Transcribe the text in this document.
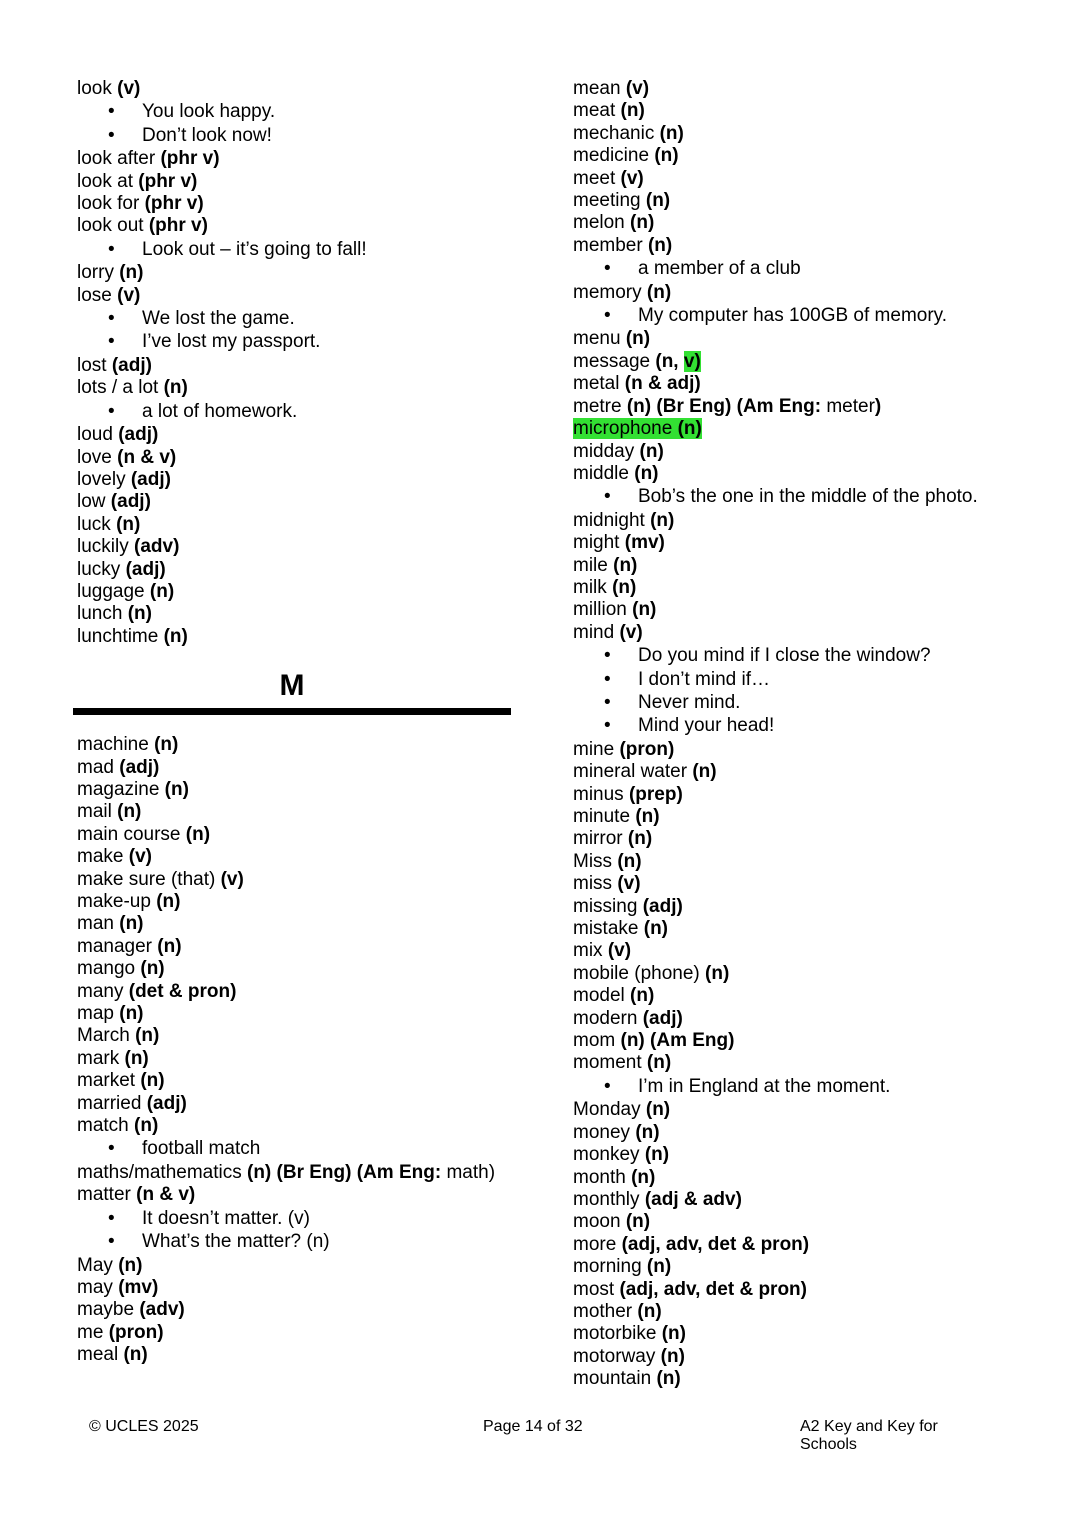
look (v)
• You look happy.
• Don’t look now!
look after (phr v)
look at (phr v)
look for (phr v)
look out (phr v)
• Look out – it’s going to fall!
lorry (n)
lose (v)
• We lost the game.
• I’ve lost my passport.
lost (adj)
lots / a lot (n)
• a lot of homework.
loud (adj)
love (n & v)
lovely (adj)
low (adj)
luck (n)
luckily (adv)
lucky (adj)
luggage (n)
lunch (n)
lunchtime (n)
M
machine (n)
mad (adj)
magazine (n)
mail (n)
main course (n)
make (v)
make sure (that) (v)
make-up (n)
man (n)
manager (n)
mango (n)
many (det & pron)
map (n)
March (n)
mark (n)
market (n)
married (adj)
match (n)
• football match
maths/mathematics (n) (Br Eng) (Am Eng: math)
matter (n & v)
• It doesn’t matter. (v)
• What’s the matter? (n)
May (n)
may (mv)
maybe (adv)
me (pron)
meal (n)
mean (v)
meat (n)
mechanic (n)
medicine (n)
meet (v)
meeting (n)
melon (n)
member (n)
• a member of a club
memory (n)
• My computer has 100GB of memory.
menu (n)
message (n, v)
metal (n & adj)
metre (n) (Br Eng) (Am Eng: meter)
microphone (n)
midday (n)
middle (n)
• Bob’s the one in the middle of the photo.
midnight (n)
might (mv)
mile (n)
milk (n)
million (n)
mind (v)
• Do you mind if I close the window?
• I don’t mind if…
• Never mind.
• Mind your head!
mine (pron)
mineral water (n)
minus (prep)
minute (n)
mirror (n)
Miss (n)
miss (v)
missing (adj)
mistake (n)
mix (v)
mobile (phone) (n)
model (n)
modern (adj)
mom (n) (Am Eng)
moment (n)
• I’m in England at the moment.
Monday (n)
money (n)
monkey (n)
month (n)
monthly (adj & adv)
moon (n)
more (adj, adv, det & pron)
morning (n)
most (adj, adv, det & pron)
mother (n)
motorbike (n)
motorway (n)
mountain (n)
© UCLES 2025	Page 14 of 32	A2 Key and Key for Schools
